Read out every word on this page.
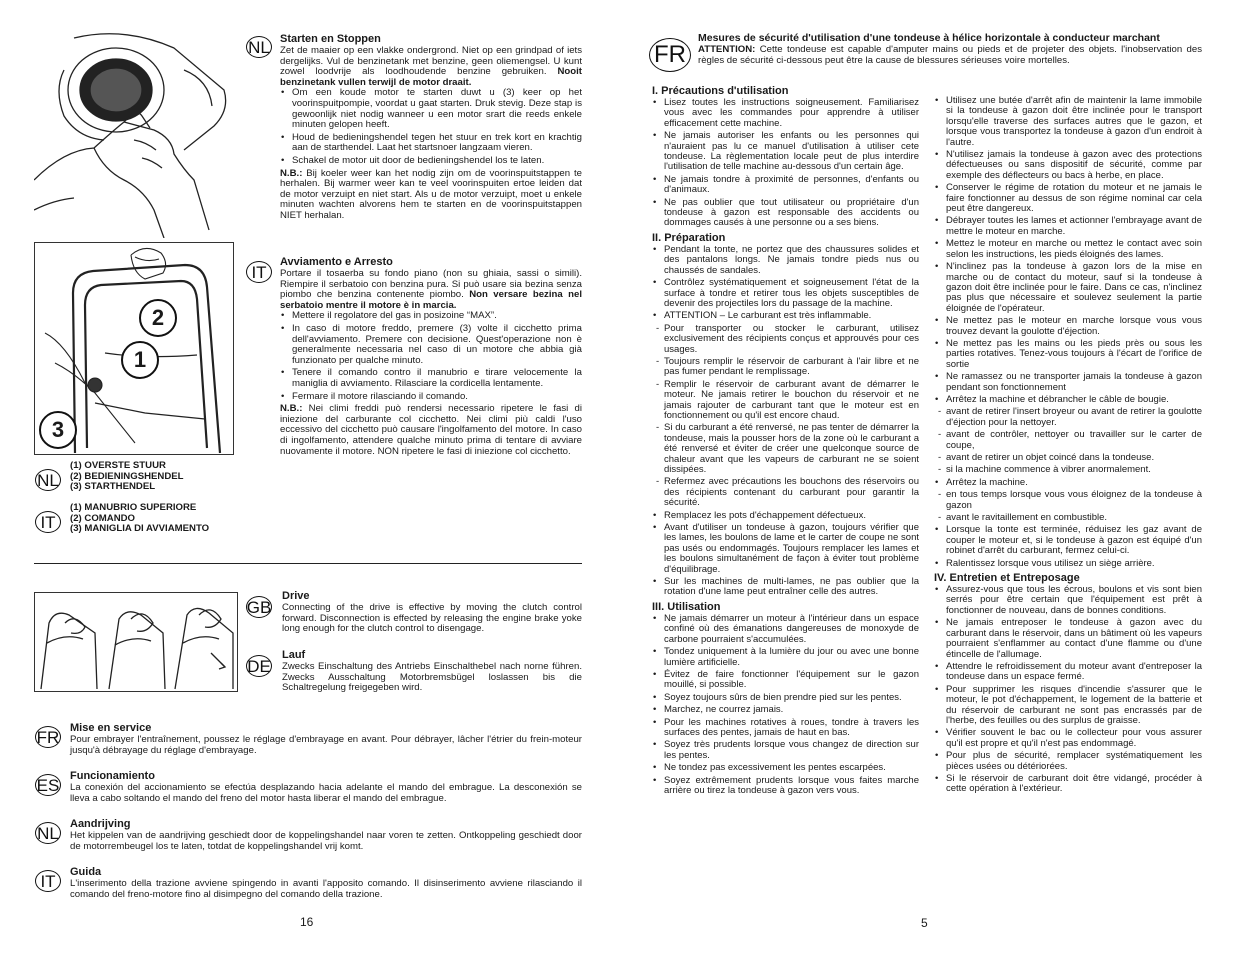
2
1
3
NL
(1) OVERSTE STUUR
(2) BEDIENINGSHENDEL
(3) STARTHENDEL
IT
(1) MANUBRIO SUPERIORE
(2) COMANDO
(3) MANIGLIA DI AVVIAMENTO
NL Starten en Stoppen
Zet de maaier op een vlakke ondergrond. Niet op een grindpad of iets dergelijks. Vul de benzinetank met benzine, geen oliemengsel. U kunt zowel loodvrije als loodhoudende benzine gebruiken. Nooit benzinetank vullen terwijl de motor draait.
• Om een koude motor te starten duwt u (3) keer op het voorinspuitpompie, voordat u gaat starten. Druk stevig. Deze stap is gewoonlijk niet nodig wanneer u een motor srart die reeds enkele minuten gelopen heeft.
• Houd de bedieningshendel tegen het stuur en trek kort en krachtig aan de starthendel. Laat het startsnoer langzaam vieren.
• Schakel de motor uit door de bedieningshendel los te laten.
N.B.: Bij koeler weer kan het nodig zijn om de voorinspuitstappen te herhalen. Bij warmer weer kan te veel voorinspuiten ertoe leiden dat de motor verzuipt en niet start. Als u de motor verzuipt, moet u enkele minuten wachten alvorens hem te starten en de voorinspuitstappen NIET herhalan.
IT
Avviamento e Arresto
Portare il tosaerba su fondo piano (non su ghiaia, sassi o simili). Riempire il serbatoio con benzina pura. Si può usare sia bezina senza piombo che benzina contenente piombo. Non versare bezina nel serbatoio mentre il motore è in marcia.
• Mettere il regolatore del gas in posizoine “MAX”.
• In caso di motore freddo, premere (3) volte il cicchetto prima dell'avviamento. Premere con decisione. Quest'operazione non è generalmente necessaria nel caso di un motore che abbia già funzionato per qualche minuto.
• Tenere il comando contro il manubrio e tirare velocemente la maniglia di avviamento. Rilasciare la cordicella lentamente.
• Fermare il motore rilasciando il comando.
N.B.: Nei climi freddi può rendersi necessario ripetere le fasi di iniezione del carburante col cicchetto. Nei climi più caldi l'uso eccessivo del cicchetto può causare l'ingolfamento del motore. In caso di ingolfamento, attendere qualche minuto prima di tentare di avviare nuovamente il motore. NON ripetere le fasi di iniezione col cicchetto.
GB
Drive
Connecting of the drive is effective by moving the clutch control forward. Disconnection is effected by releasing the engine brake yoke long enough for the clutch control to disengage.
DE
Lauf
Zwecks Einschaltung des Antriebs Einschalthebel nach norne führen. Zwecks Ausschaltung Motorbremsbügel loslassen bis die Schaltregelung freigegeben wird.
FR Mise en service
Pour embrayer l'entraînement, poussez le réglage d'embrayage en avant. Pour débrayer, lâcher l'étrier du frein-moteur jusqu'à débrayage du réglage d'embrayage.
ES Funcionamiento
La conexión del accionamiento se efectúa desplazando hacia adelante el mando del embrague. La desconexión se lleva a cabo soltando el mando del freno del motor hasta liberar el mando del embrague.
NL Aandrijving
Het kippelen van de aandrijving geschiedt door de koppelingshandel naar voren te zetten. Ontkoppeling geschiedt door de motorrembeugel los te laten, totdat de koppelingshandel vrij komt.
IT Guida
L'inserimento della trazione avviene spingendo in avanti l'apposito comando. Il disinserimento avviene rilasciando il comando del freno-motore fino al disimpegno del comando della trazione.
16
FR
Mesures de sécurité d'utilisation d'une tondeuse à hélice horizontale à conducteur marchant
ATTENTION: Cette tondeuse est capable d'amputer mains ou pieds et de projeter des objets. l'inobservation des règles de sécurité ci-dessous peut être la cause de blessures sérieuses voire mortelles.
I. Précautions d'utilisation
• Lisez toutes les instructions soigneusement. Familiarisez vous avec les commandes pour apprendre à utiliser efficacement cette machine.
• Ne jamais autoriser les enfants ou les personnes qui n'auraient pas lu ce manuel d'utilisation à utiliser cete tondeuse. La règlementation locale peut de plus interdire l'utilisation de telle machine au-dessous d'un certain âge.
• Ne jamais tondre à proximité de personnes, d'enfants ou d'animaux.
• Ne pas oublier que tout utilisateur ou propriétaire d'un tondeuse à gazon est responsable des accidents ou dommages causés à une personne ou a ses biens.
II. Préparation
• Pendant la tonte, ne portez que des chaussures solides et des pantalons longs. Ne jamais tondre pieds nus ou chaussés de sandales.
• Contrôlez systématiquement et soigneusement l'état de la surface à tondre et retirer tous les objets susceptibles de devenir des projectiles lors du passage de la machine.
• ATTENTION – Le carburant est très inflammable.
- Pour transporter ou stocker le carburant, utilisez exclusivement des récipients conçus et approuvés pour ces usages.
- Toujours remplir le réservoir de carburant à l'air libre et ne pas fumer pendant le remplissage.
- Remplir le réservoir de carburant avant de démarrer le moteur. Ne jamais retirer le bouchon du réservoir et ne jamais rajouter de carburant tant que le moteur est en fonctionnement ou qu'il est encore chaud.
- Si du carburant a été renversé, ne pas tenter de démarrer la tondeuse, mais la pousser hors de la zone où le carburant a été renversé et éviter de créer une quelconque source de chaleur avant que les vapeurs de carburant ne se soient dissipées.
- Refermez avec précautions les bouchons des réservoirs ou des récipients contenant du carburant pour garantir la sécurité.
• Remplacez les pots d'échappement défectueux.
• Avant d'utiliser un tondeuse à gazon, toujours vérifier que les lames, les boulons de lame et le carter de coupe ne sont pas usés ou endommagés. Toujours remplacer les lames et les boulons simultanément de façon à éviter tout problème d'équilibrage.
• Sur les machines de multi-lames, ne pas oublier que la rotation d'une lame peut entraîner celle des autres.
III. Utilisation
• Ne jamais démarrer un moteur à l'intérieur dans un espace confiné où des émanations dangereuses de monoxyde de carbone pourraient s'accumulées.
• Tondez uniquement à la lumière du jour ou avec une bonne lumière artificielle.
• Évitez de faire fonctionner l'équipement sur le gazon mouillé, si possible.
• Soyez toujours sûrs de bien prendre pied sur les pentes.
• Marchez, ne courrez jamais.
• Pour les machines rotatives à roues, tondre à travers les surfaces des pentes, jamais de haut en bas.
• Soyez très prudents lorsque vous changez de direction sur les pentes.
• Ne tondez pas excessivement les pentes escarpées.
• Soyez extrêmement prudents lorsque vous faites marche arrière ou tirez la tondeuse à gazon vers vous.
• Utilisez une butée d'arrêt afin de maintenir la lame immobile si la tondeuse à gazon doit être inclinée pour le transport lorsqu'elle traverse des surfaces autres que le gazon, et lorsque vous transportez la tondeuse à gazon d'un endroit à l'autre.
• N'utilisez jamais la tondeuse à gazon avec des protections défectueuses ou sans dispositif de sécurité, comme par exemple des déflecteurs ou bacs à herbe, en place.
• Conserver le régime de rotation du moteur et ne jamais le faire fonctionner au dessus de son régime nominal car cela peut être dangereux.
• Débrayer toutes les lames et actionner l'embrayage avant de mettre le moteur en marche.
• Mettez le moteur en marche ou mettez le contact avec soin selon les instructions, les pieds éloignés des lames.
• N'inclinez pas la tondeuse à gazon lors de la mise en marche ou de contact du moteur, sauf si la tondeuse à gazon doit être inclinée pour le faire. Dans ce cas, n'inclinez pas plus que nécessaire et soulevez seulement la partie éloignée de l'opérateur.
• Ne mettez pas le moteur en marche lorsque vous vous trouvez devant la goulotte d'éjection.
• Ne mettez pas les mains ou les pieds près ou sous les parties rotatives. Tenez-vous toujours à l'écart de l'orifice de sortie
• Ne ramassez ou ne transporter jamais la tondeuse à gazon pendant son fonctionnement
• Arrêtez la machine et débrancher le câble de bougie.
- avant de retirer l'insert broyeur ou avant de retirer la goulotte d'éjection pour la nettoyer.
- avant de contrôler, nettoyer ou travailler sur le carter de coupe,
- avant de retirer un objet coincé dans la tondeuse.
- si la machine commence à vibrer anormalement.
• Arrêtez la machine.
- en tous temps lorsque vous vous éloignez de la tondeuse à gazon
- avant le ravitaillement en combustible.
• Lorsque la tonte est terminée, réduisez les gaz avant de couper le moteur et, si le tondeuse à gazon est équipé d'un robinet d'arrêt du carburant, fermez celui-ci.
• Ralentissez lorsque vous utilisez un siège arrière.
IV. Entretien et Entreposage
• Assurez-vous que tous les écrous, boulons et vis sont bien serrés pour être certain que l'équipement est prêt à fonctionner de nouveau, dans de bonnes conditions.
• Ne jamais entreposer le tondeuse à gazon avec du carburant dans le réservoir, dans un bâtiment où les vapeurs pourraient s'enflammer au contact d'une flamme ou d'une étincelle de l'allumage.
• Attendre le refroidissement du moteur avant d'entreposer la tondeuse dans un espace fermé.
• Pour supprimer les risques d'incendie s'assurer que le moteur, le pot d'échappement, le logement de la batterie et du réservoir de carburant ne sont pas encrassés par de l'herbe, des feuilles ou des surplus de graisse.
• Vérifier souvent le bac ou le collecteur pour vous assurer qu'il est propre et qu'il n'est pas endommagé.
• Pour plus de sécurité, remplacer systématiquement les pièces usées ou détériorées.
• Si le réservoir de carburant doit être vidangé, procéder à cette opération à l'extérieur.
5
